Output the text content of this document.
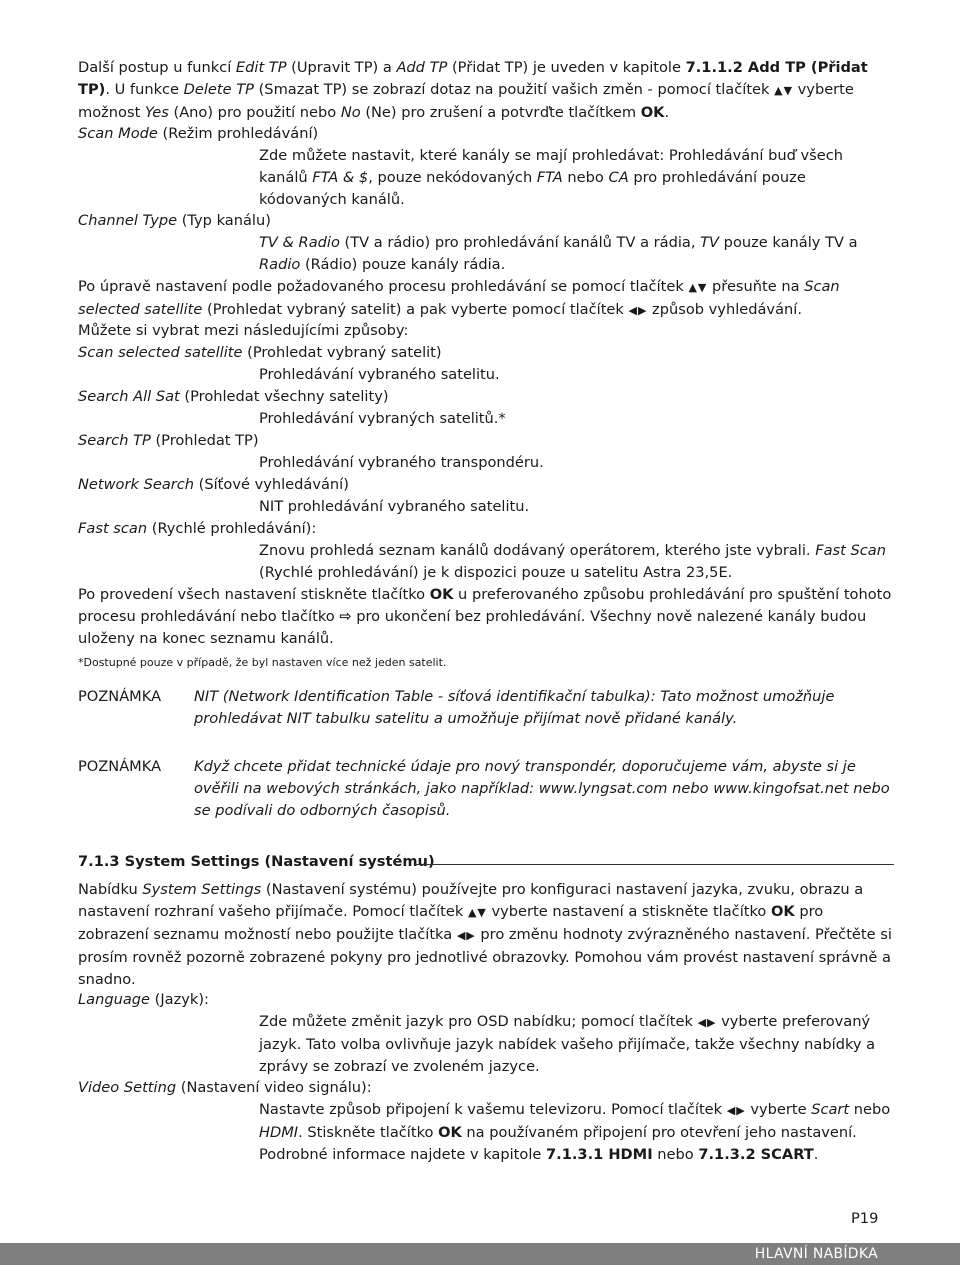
Další postup u funkcí Edit TP (Upravit TP) a Add TP (Přidat TP) je uveden v kapitole 7.1.1.2 Add TP (Přidat TP). U funkce Delete TP (Smazat TP) se zobrazí dotaz na použití vašich změn - pomocí tlačítek ▲▼ vyberte možnost Yes (Ano) pro použití nebo No (Ne) pro zrušení a potvrďte tlačítkem OK.
Scan Mode (Režim prohledávání)
Zde můžete nastavit, které kanály se mají prohledávat: Prohledávání buď všech kanálů FTA & $, pouze nekódovaných FTA nebo CA pro prohledávání pouze kódovaných kanálů.
Channel Type (Typ kanálu)
TV & Radio (TV a rádio) pro prohledávání kanálů TV a rádia, TV pouze kanály TV a Radio (Rádio) pouze kanály rádia.
Po úpravě nastavení podle požadovaného procesu prohledávání se pomocí tlačítek ▲▼ přesuňte na Scan selected satellite (Prohledat vybraný satelit) a pak vyberte pomocí tlačítek ◀▶ způsob vyhledávání.
Můžete si vybrat mezi následujícími způsoby:
Scan selected satellite (Prohledat vybraný satelit)
Prohledávání vybraného satelitu.
Search All Sat (Prohledat všechny satelity)
Prohledávání vybraných satelitů.*
Search TP (Prohledat TP)
Prohledávání vybraného transpondéru.
Network Search (Síťové vyhledávání)
NIT prohledávání vybraného satelitu.
Fast scan (Rychlé prohledávání):
Znovu prohledá seznam kanálů dodávaný operátorem, kterého jste vybrali. Fast Scan (Rychlé prohledávání) je k dispozici pouze u satelitu Astra 23,5E.
Po provedení všech nastavení stiskněte tlačítko OK u preferovaného způsobu prohledávání pro spuštění tohoto procesu prohledávání nebo tlačítko ⇨ pro ukončení bez prohledávání. Všechny nově nalezené kanály budou uloženy na konec seznamu kanálů.
*Dostupné pouze v případě, že byl nastaven více než jeden satelit.
POZNÁMKA NIT (Network Identification Table - síťová identifikační tabulka): Tato možnost umožňuje prohledávat NIT tabulku satelitu a umožňuje přijímat nově přidané kanály.
POZNÁMKA Když chcete přidat technické údaje pro nový transpondér, doporučujeme vám, abyste si je ověřili na webových stránkách, jako například: www.lyngsat.com nebo www.kingofsat.net nebo se podívali do odborných časopisů.
7.1.3 System Settings (Nastavení systému)
Nabídku System Settings (Nastavení systému) používejte pro konfiguraci nastavení jazyka, zvuku, obrazu a nastavení rozhraní vašeho přijímače. Pomocí tlačítek ▲▼ vyberte nastavení a stiskněte tlačítko OK pro zobrazení seznamu možností nebo použijte tlačítka ◀▶ pro změnu hodnoty zvýrazněného nastavení. Přečtěte si prosím rovněž pozorně zobrazené pokyny pro jednotlivé obrazovky. Pomohou vám provést nastavení správně a snadno.
Language (Jazyk):
Zde můžete změnit jazyk pro OSD nabídku; pomocí tlačítek ◀▶ vyberte preferovaný jazyk. Tato volba ovlivňuje jazyk nabídek vašeho přijímače, takže všechny nabídky a zprávy se zobrazí ve zvoleném jazyce.
Video Setting (Nastavení video signálu):
Nastavte způsob připojení k vašemu televizoru. Pomocí tlačítek ◀▶ vyberte Scart nebo HDMI. Stiskněte tlačítko OK na používaném připojení pro otevření jeho nastavení. Podrobné informace najdete v kapitole 7.1.3.1 HDMI nebo 7.1.3.2 SCART.
P19
HLAVNÍ NABÍDKA
